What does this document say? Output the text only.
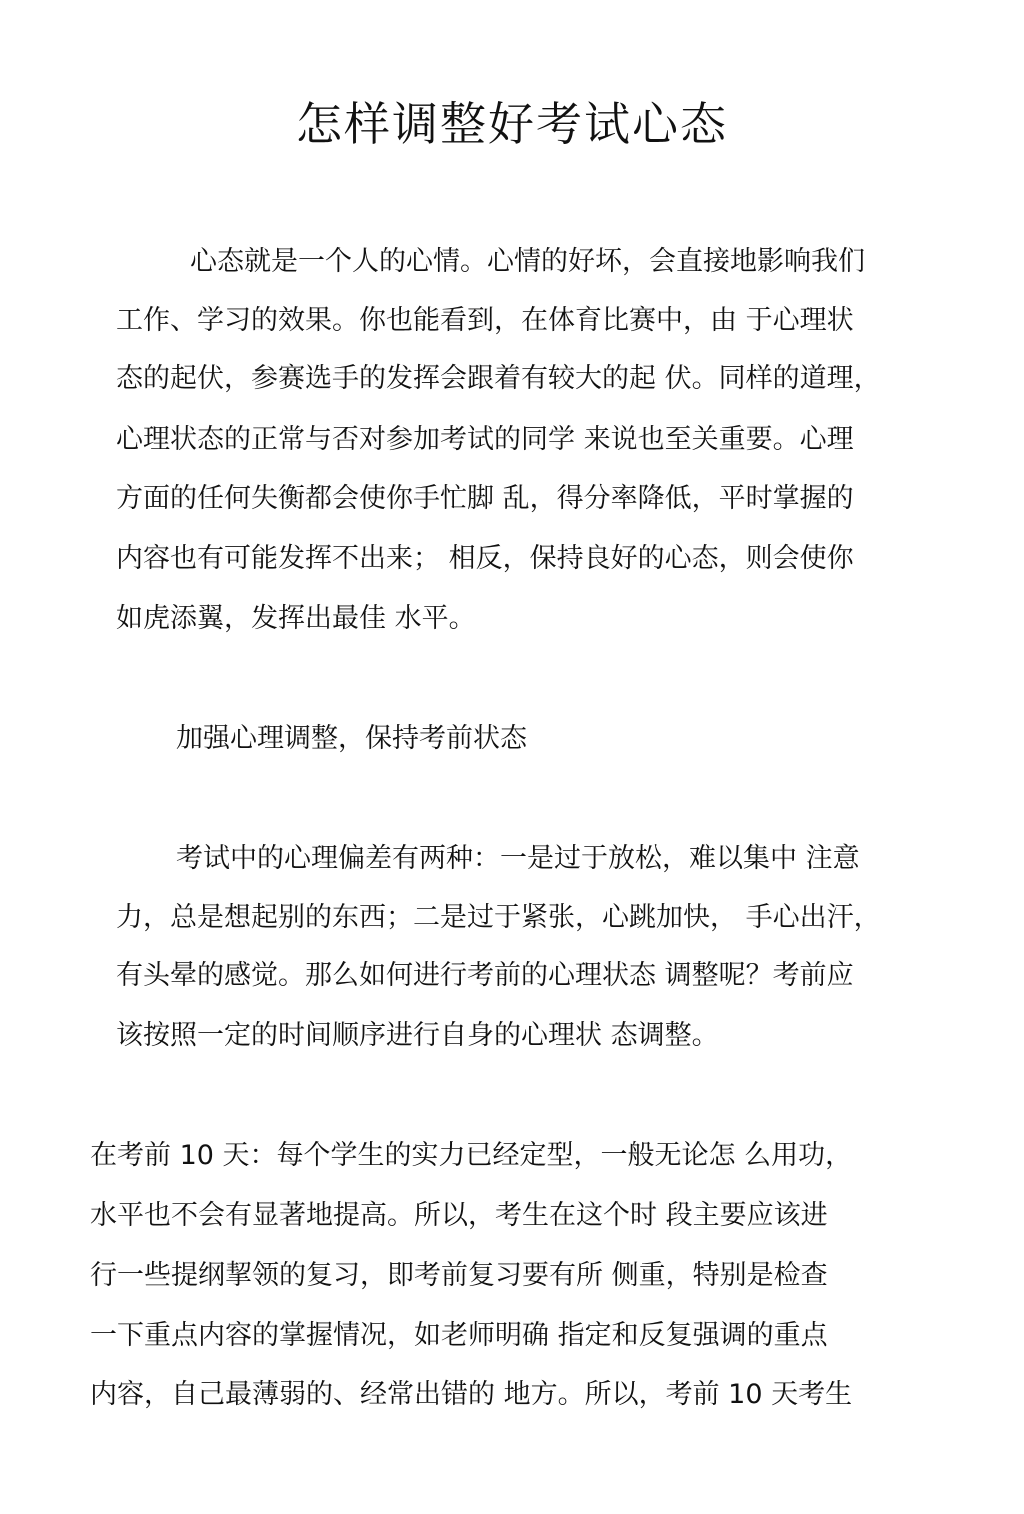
怎样调整好考试心态
心态就是一个人的心情。心情的好坏，会直接地影响我们
工作、学习的效果。你也能看到，在体育比赛中，由 于心理状
态的起伏，参赛选手的发挥会跟着有较大的起 伏。同样的道理，
心理状态的正常与否对参加考试的同学 来说也至关重要。心理
方面的任何失衡都会使你手忙脚 乱，得分率降低，平时掌握的
内容也有可能发挥不出来； 相反，保持良好的心态，则会使你
如虎添翼，发挥出最佳 水平。
加强心理调整，保持考前状态
考试中的心理偏差有两种：一是过于放松，难以集中 注意
力，总是想起别的东西；二是过于紧张，心跳加快， 手心出汗，
有头晕的感觉。那么如何进行考前的心理状态 调整呢？考前应
该按照一定的时间顺序进行自身的心理状 态调整。
在考前 10 天：每个学生的实力已经定型，一般无论怎 么用功，
水平也不会有显著地提高。所以，考生在这个时 段主要应该进
行一些提纲挈领的复习，即考前复习要有所 侧重，特别是检查
一下重点内容的掌握情况，如老师明确 指定和反复强调的重点
内容，自己最薄弱的、经常出错的 地方。所以，考前 10 天考生
